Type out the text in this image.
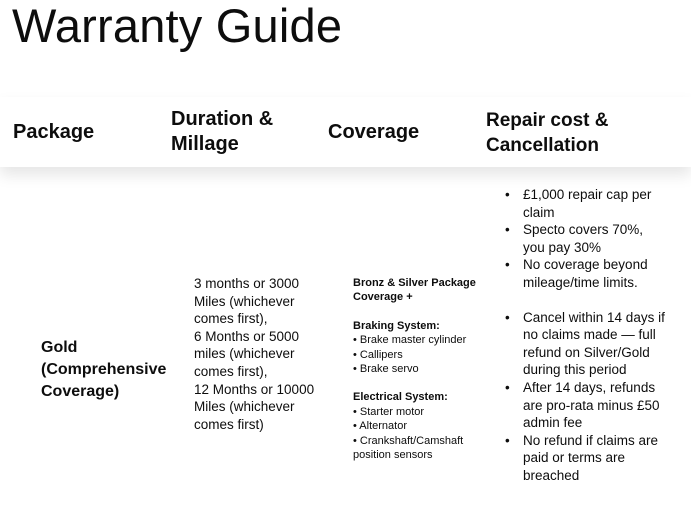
Warranty Guide
Package
Duration & Millage
Coverage	Repair cost & Cancellation
Gold (Comprehensive Coverage)
3 months or 3000 Miles (whichever comes first),
6 Months or 5000 miles (whichever comes first),
12 Months or 10000 Miles (whichever comes first)
Bronz & Silver Package Coverage +
Braking System:
• Brake master cylinder
• Callipers
• Brake servo
Electrical System:
• Starter motor
• Alternator
• Crankshaft/Camshaft position sensors
• £1,000 repair cap per claim
• Specto covers 70%, you pay 30%
• No coverage beyond mileage/time limits.
• Cancel within 14 days if no claims made — full refund on Silver/Gold during this period
• After 14 days, refunds are pro-rata minus £50 admin fee
• No refund if claims are paid or terms are breached
